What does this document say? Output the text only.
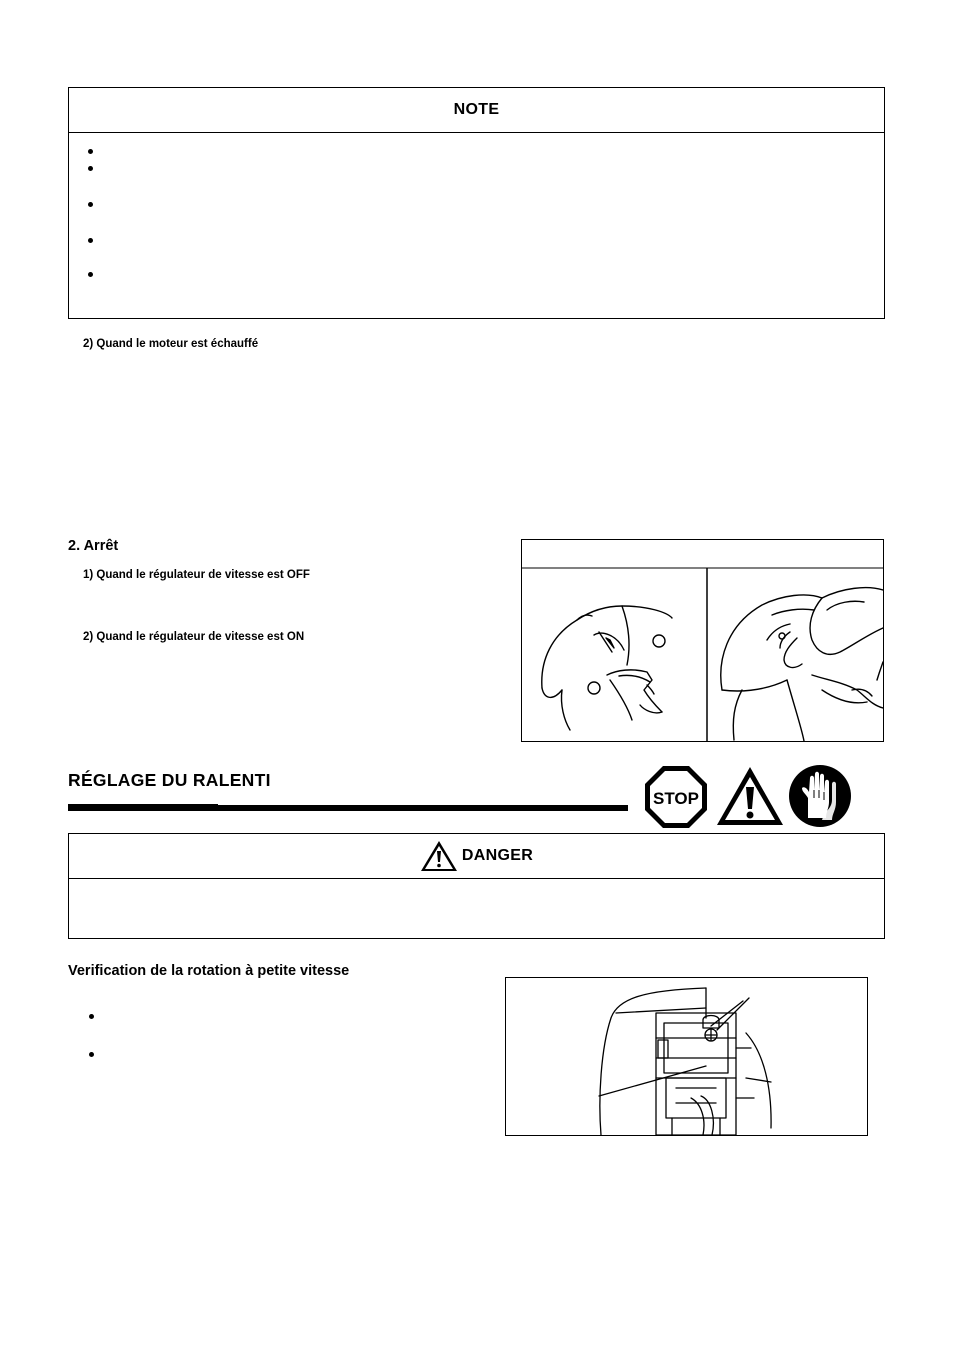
NOTE
2) Quand le moteur est échauffé
2. Arrêt
1) Quand le régulateur de vitesse est OFF
2) Quand le régulateur de vitesse est ON
RÉGLAGE DU RALENTI
STOP
DANGER
Verification de la rotation à petite vitesse
